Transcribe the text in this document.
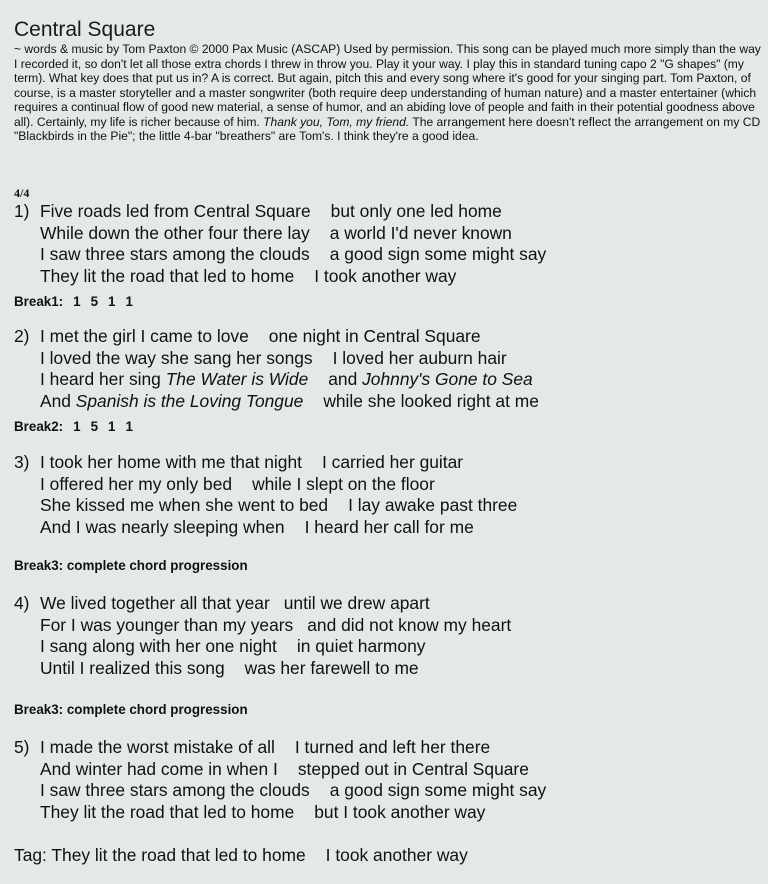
Central Square
~ words & music by Tom Paxton © 2000 Pax Music (ASCAP) Used by permission. This song can be played much more simply than the way I recorded it, so don't let all those extra chords I threw in throw you. Play it your way. I play this in standard tuning capo 2 "G shapes" (my term). What key does that put us in? A is correct. But again, pitch this and every song where it's good for your singing part. Tom Paxton, of course, is a master storyteller and a master songwriter (both require deep understanding of human nature) and a master entertainer (which requires a continual flow of good new material, a sense of humor, and an abiding love of people and faith in their potential goodness above all). Certainly, my life is richer because of him. Thank you, Tom, my friend. The arrangement here doesn't reflect the arrangement on my CD "Blackbirds in the Pie"; the little 4-bar "breathers" are Tom's. I think they're a good idea.
4/4
1) Five roads led from Central Square but only one led home
While down the other four there lay a world I'd never known
I saw three stars among the clouds a good sign some might say
They lit the road that led to home I took another way
Break1: 1 5 1 1
2) I met the girl I came to love one night in Central Square
I loved the way she sang her songs I loved her auburn hair
I heard her sing The Water is Wide and Johnny's Gone to Sea
And Spanish is the Loving Tongue while she looked right at me
Break2: 1 5 1 1
3) I took her home with me that night I carried her guitar
I offered her my only bed while I slept on the floor
She kissed me when she went to bed I lay awake past three
And I was nearly sleeping when I heard her call for me
Break3: complete chord progression
4) We lived together all that year until we drew apart
For I was younger than my years and did not know my heart
I sang along with her one night in quiet harmony
Until I realized this song was her farewell to me
Break3: complete chord progression
5) I made the worst mistake of all I turned and left her there
And winter had come in when I stepped out in Central Square
I saw three stars among the clouds a good sign some might say
They lit the road that led to home but I took another way
Tag: They lit the road that led to home I took another way
